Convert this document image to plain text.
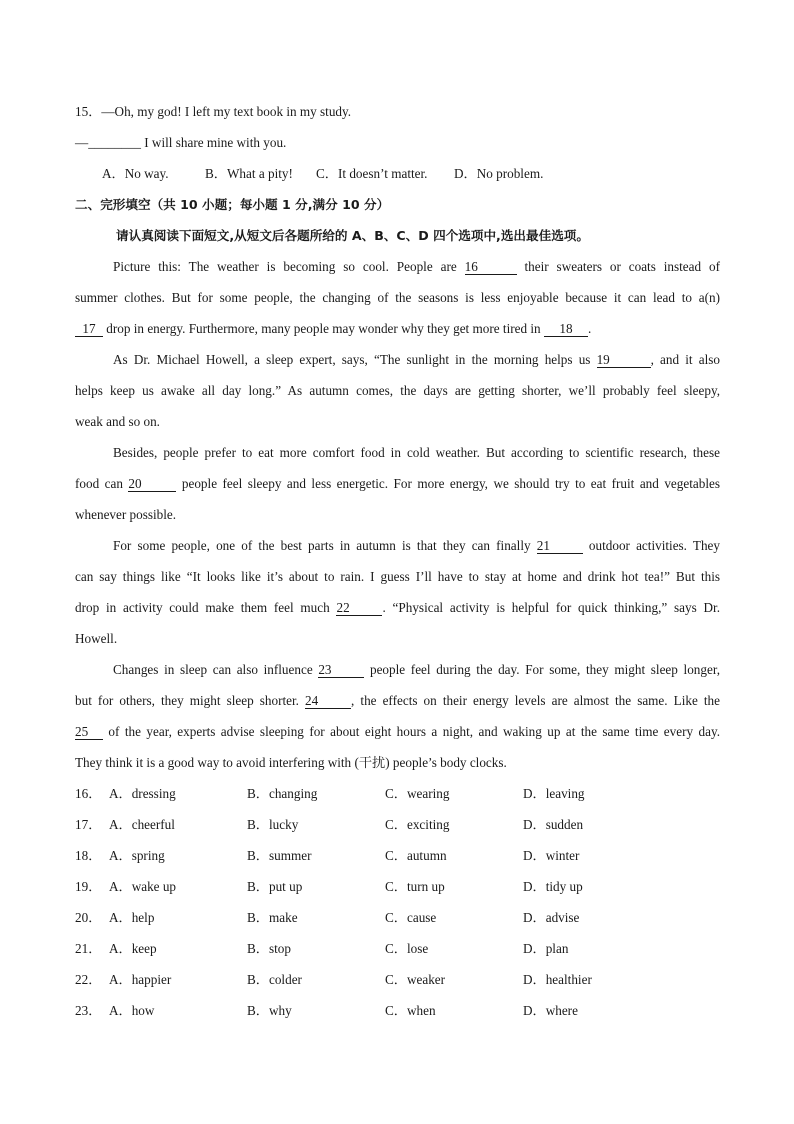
15．—Oh, my god! I left my text book in my study.
—________ I will share mine with you.
A．No way.	B．What a pity! C．It doesn’t matter. D．No problem.
二、完形填空（共 10 小题；每小题 1 分,满分 10 分）
请认真阅读下面短文,从短文后各题所给的 A、B、C、D 四个选项中,选出最佳选项。
Picture this: The weather is becoming so cool. People are 16	their sweaters or coats instead of
summer clothes. But for some people, the changing of the seasons is less enjoyable because it can lead to a(n)
17 drop in energy. Furthermore, many people may wonder why they get more tired in 18 .
As Dr. Michael Howell, a sleep expert, says, “The sunlight in the morning helps us 19	, and it also
helps keep us awake all day long.” As autumn comes, the days are getting shorter, we’ll probably feel sleepy,
weak and so on.
Besides, people prefer to eat more comfort food in cold weather. But according to scientific research, these
food can 20	people feel sleepy and less energetic. For more energy, we should try to eat fruit and vegetables
whenever possible.
For some people, one of the best parts in autumn is that they can finally 21 outdoor activities. They
can say things like “It looks like it’s about to rain. I guess I’ll have to stay at home and drink hot tea!” But this
drop in activity could make them feel much 22 . “Physical activity is helpful for quick thinking,” says Dr.
Howell.
Changes in sleep can also influence 23 people feel during the day. For some, they might sleep longer,
but for others, they might sleep shorter. 24 , the effects on their energy levels are almost the same. Like the
25 of the year, experts advise sleeping for about eight hours a night, and waking up at the same time every day.
They think it is a good way to avoid interfering with (干扰) people’s body clocks.
16． A．dressing	B．changing	C．wearing	D．leaving
17． A．cheerful	B．lucky	C．exciting	D．sudden
18． A．spring	B．summer	C．autumn	D．winter
19． A．wake up	B．put up	C．turn up	D．tidy up
20． A．help	B．make	C．cause	D．advise
21． A．keep	B．stop	C．lose	D．plan
22． A．happier	B．colder	C．weaker	D．healthier
23． A．how	B．why	C．when	D．where
